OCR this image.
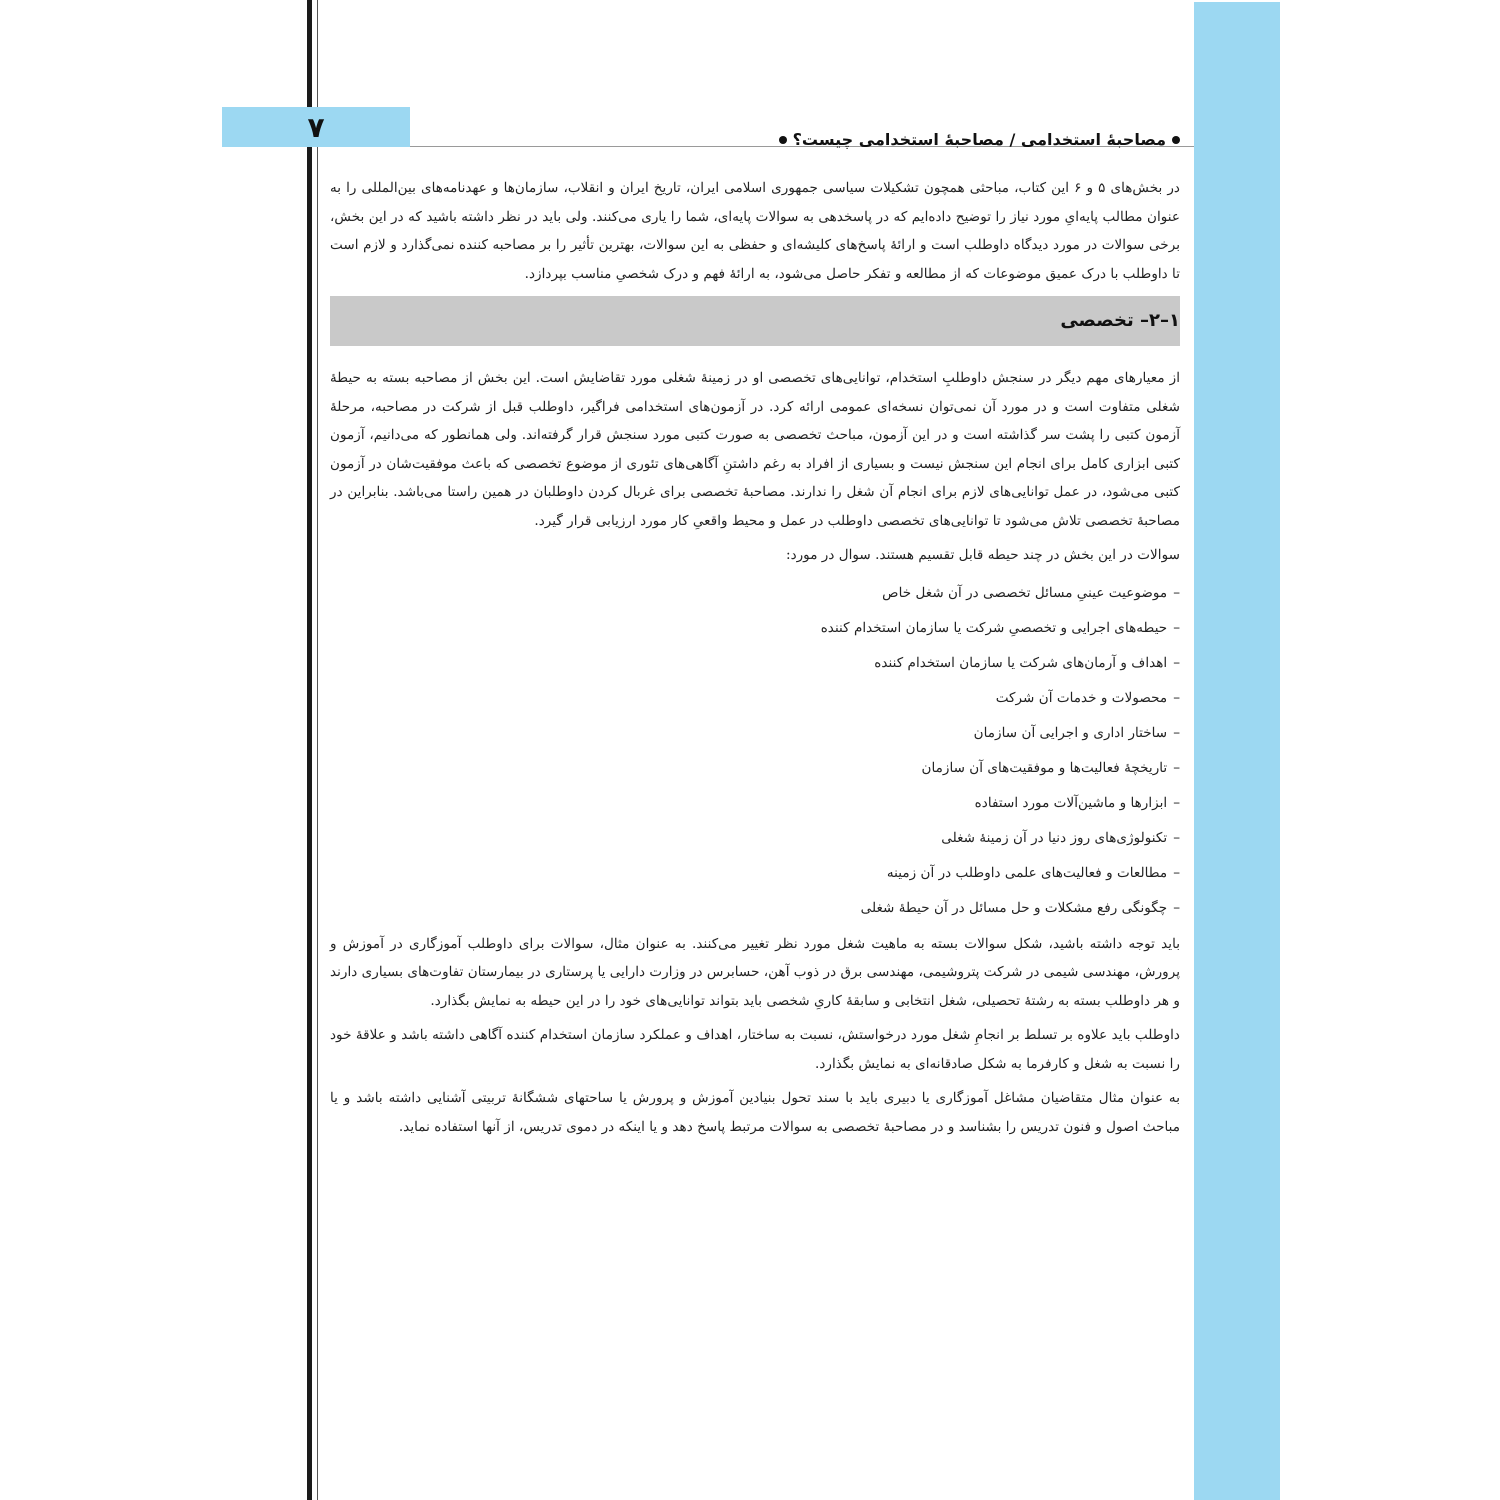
۷	مصاحبهٔ استخدامی / مصاحبهٔ استخدامی چیست؟

در بخش‌های ۵ و ۶ این کتاب، مباحثی همچون تشکیلات سیاسی جمهوری اسلامی ایران، تاریخ ایران و انقلاب، سازمان‌ها و عهدنامه‌های بین‌المللی را به عنوان مطالب پایه‌ایِ مورد نیاز را توضیح داده‌ایم که در پاسخدهی به سوالات پایه‌ای، شما را یاری می‌کنند. ولی باید در نظر داشته باشید که در این بخش، برخی سوالات در مورد دیدگاه داوطلب است و ارائهٔ پاسخ‌های کلیشه‌ای و حفظی به این سوالات، بهترین تأثیر را بر مصاحبه کننده نمی‌گذارد و لازم است تا داوطلب با درک عمیق موضوعات که از مطالعه و تفکر حاصل می‌شود، به ارائهٔ فهم و درک شخصیِ مناسب بپردازد.

۱–۲– تخصصی

از معیارهای مهم دیگر در سنجش داوطلبِ استخدام، توانایی‌های تخصصی او در زمینهٔ شغلی مورد تقاضایش است. این بخش از مصاحبه بسته به حیطهٔ شغلی متفاوت است و در مورد آن نمی‌توان نسخه‌ای عمومی ارائه کرد. در آزمون‌های استخدامی فراگیر، داوطلب قبل از شرکت در مصاحبه، مرحلهٔ آزمون کتبی را پشت سر گذاشته است و در این آزمون، مباحث تخصصی به صورت کتبی مورد سنجش قرار گرفته‌اند. ولی همانطور که می‌دانیم، آزمون کتبی ابزاری کامل برای انجام این سنجش نیست و بسیاری از افراد به رغم داشتنِ آگاهی‌های تئوری از موضوع تخصصی که باعث موفقیت‌شان در آزمون کتبی می‌شود، در عمل توانایی‌های لازم برای انجام آن شغل را ندارند. مصاحبهٔ تخصصی برای غربال کردن داوطلبان در همین راستا می‌باشد. بنابراین در مصاحبهٔ تخصصی تلاش می‌شود تا توانایی‌های تخصصی داوطلب در عمل و محیط واقعیِ کار مورد ارزیابی قرار گیرد.

سوالات در این بخش در چند حیطه قابل تقسیم هستند. سوال در مورد:

–موضوعیت عینیِ مسائل تخصصی در آن شغل خاص
–حیطه‌های اجرایی و تخصصیِ شرکت یا سازمان استخدام کننده
–اهداف و آرمان‌های شرکت یا سازمان استخدام کننده
–محصولات و خدمات آن شرکت
–ساختار اداری و اجرایی آن سازمان
–تاریخچهٔ فعالیت‌ها و موفقیت‌های آن سازمان
–ابزارها و ماشین‌آلات مورد استفاده
–تکنولوژی‌های روز دنیا در آن زمینهٔ شغلی
–مطالعات و فعالیت‌های علمی داوطلب در آن زمینه
–چگونگی رفع مشکلات و حل مسائل در آن حیطهٔ شغلی

باید توجه داشته باشید، شکل سوالات بسته به ماهیت شغل مورد نظر تغییر می‌کنند. به عنوان مثال، سوالات برای داوطلب آموزگاری در آموزش و پرورش، مهندسی شیمی در شرکت پتروشیمی، مهندسی برق در ذوب آهن، حسابرس در وزارت دارایی یا پرستاری در بیمارستان تفاوت‌های بسیاری دارند و هر داوطلب بسته به رشتهٔ تحصیلی، شغل انتخابی و سابقهٔ کاریِ شخصی باید بتواند توانایی‌های خود را در این حیطه به نمایش بگذارد.

داوطلب باید علاوه بر تسلط بر انجامِ شغل مورد درخواستش، نسبت به ساختار، اهداف و عملکرد سازمان استخدام کننده آگاهی داشته باشد و علاقهٔ خود را نسبت به شغل و کارفرما به شکل صادقانه‌ای به نمایش بگذارد.

به عنوان مثال متقاضیان مشاغل آموزگاری یا دبیری باید با سند تحول بنیادین آموزش و پرورش یا ساحتهای ششگانهٔ تربیتی آشنایی داشته باشد و یا مباحث اصول و فنون تدریس را بشناسد و در مصاحبهٔ تخصصی به سوالات مرتبط پاسخ دهد و یا اینکه در دموی تدریس، از آنها استفاده نماید.
